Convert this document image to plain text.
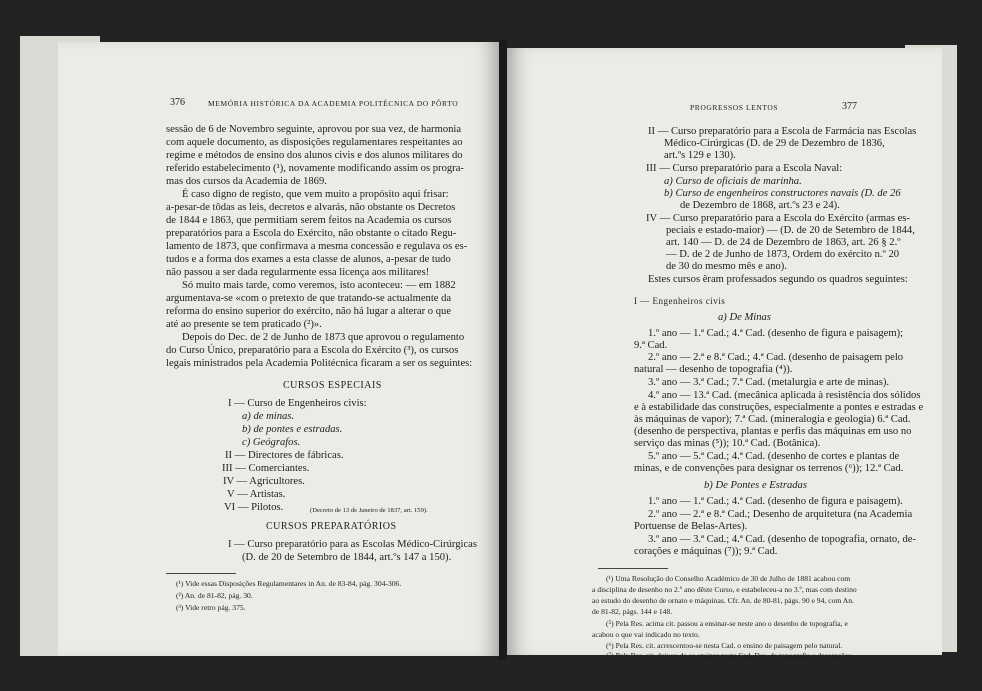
376	MEMÓRIA HISTÓRICA DA ACADEMIA POLITÉCNICA DO PÔRTO
sessão de 6 de Novembro seguinte, aprovou por sua vez, de harmonia
com aquele documento, as disposições regulamentares respeitantes ao
regime e métodos de ensino dos alunos civis e dos alunos militares do
referido estabelecimento (¹), novamente modificando assim os progra-
mas dos cursos da Academia de 1869.
É caso digno de registo, que vem muito a propósito aqui frisar:
a-pesar-de tôdas as leis, decretos e alvarás, não obstante os Decretos
de 1844 e 1863, que permitiam serem feitos na Academia os cursos
preparatórios para a Escola do Exército, não obstante o citado Regu-
lamento de 1873, que confirmava a mesma concessão e regulava os es-
tudos e a forma dos exames a esta classe de alunos, a-pesar de tudo
não passou a ser dada regularmente essa licença aos militares!
Só muito mais tarde, como veremos, isto aconteceu: — em 1882
argumentava-se «com o pretexto de que tratando-se actualmente da
reforma do ensino superior do exército, não há lugar a alterar o que
até ao presente se tem praticado (²)».
Depois do Dec. de 2 de Junho de 1873 que aprovou o regulamento
do Curso Único, preparatório para a Escola do Exército (³), os cursos
legais ministrados pela Academia Politécnica ficaram a ser os seguintes:
CURSOS ESPECIAIS
I — Curso de Engenheiros civis:
a) de minas.
b) de pontes e estradas.
c) Geógrafos.
II — Directores de fábricas.
III — Comerciantes.
IV — Agricultores.
V — Artistas.
VI — Pilotos.	(Decreto de 13 de Janeiro de 1837, art. 159).
CURSOS PREPARATÓRIOS
I — Curso preparatório para as Escolas Médico-Cirúrgicas
(D. de 20 de Setembro de 1844, art.ºs 147 a 150).
(¹) Vide essas Disposições Regulamentares in An. de 83-84, pág. 304-306.
(²) An. de 81-82, pág. 30.
(³) Vide retro pág. 375.
PROGRESSOS LENTOS	377
II — Curso preparatório para a Escola de Farmácia nas Escolas
Médico-Cirúrgicas (D. de 29 de Dezembro de 1836,
art.ºs 129 e 130).
III — Curso preparatório para a Escola Naval:
a) Curso de oficiais de marinha.
b) Curso de engenheiros constructores navais (D. de 26
de Dezembro de 1868, art.ºs 23 e 24).
IV — Curso preparatório para a Escola do Exército (armas es-
peciais e estado-maior) — (D. de 20 de Setembro de 1844,
art. 140 — D. de 24 de Dezembro de 1863, art. 26 § 2.º
— D. de 2 de Junho de 1873, Ordem do exército n.º 20
de 30 do mesmo mês e ano).
Estes cursos êram professados segundo os quadros seguintes:
I — Engenheiros civis
a) De Minas
1.º ano — 1.ª Cad.; 4.ª Cad. (desenho de figura e paisagem);
9.ª Cad.
2.º ano — 2.ª e 8.ª Cad.; 4.ª Cad. (desenho de paisagem pelo
natural — desenho de topografia (⁴)).
3.º ano — 3.ª Cad.; 7.ª Cad. (metalurgia e arte de minas).
4.º ano — 13.ª Cad. (mecânica aplicada à resistência dos sólidos
e à estabilidade das construções, especialmente a pontes e estradas e
às máquinas de vapor); 7.ª Cad. (mineralogia e geologia) 6.ª Cad.
(desenho de perspectiva, plantas e perfis das máquinas em uso no
serviço das minas (⁵)); 10.ª Cad. (Botânica).
5.º ano — 5.ª Cad.; 4.ª Cad. (desenho de cortes e plantas de
minas, e de convenções para designar os terrenos (⁶)); 12.ª Cad.
b) De Pontes e Estradas
1.º ano — 1.ª Cad.; 4.ª Cad. (desenho de figura e paisagem).
2.º ano — 2.ª e 8.ª Cad.; Desenho de arquitetura (na Academia
Portuense de Belas-Artes).
3.º ano — 3.ª Cad.; 4.ª Cad. (desenho de topografia, ornato, de-
corações e máquinas (⁷)); 9.ª Cad.
(¹) Uma Resolução do Conselho Académico de 30 de Julho de 1881 acabou com
a disciplina de desenho no 2.º ano dêste Curso, e estabeleceu-a no 3.º, mas com destino
ao estudo do desenho de ornato e máquinas. Cfr. An. de 80-81, págs. 90 e 94, com An.
de 81-82, págs. 144 e 148.
(⁵) Pela Res. acima cit. passou a ensinar-se neste ano o desenho de topografia, e
acabou o que vai indicado no texto.
(⁶) Pela Res. cit. acrescentou-se nesta Cad. o ensino de paisagem pelo natural.
(⁷) Pela Res. cit. deixou de se ensinar nesta Cad. Des. de topografia e decorações.
